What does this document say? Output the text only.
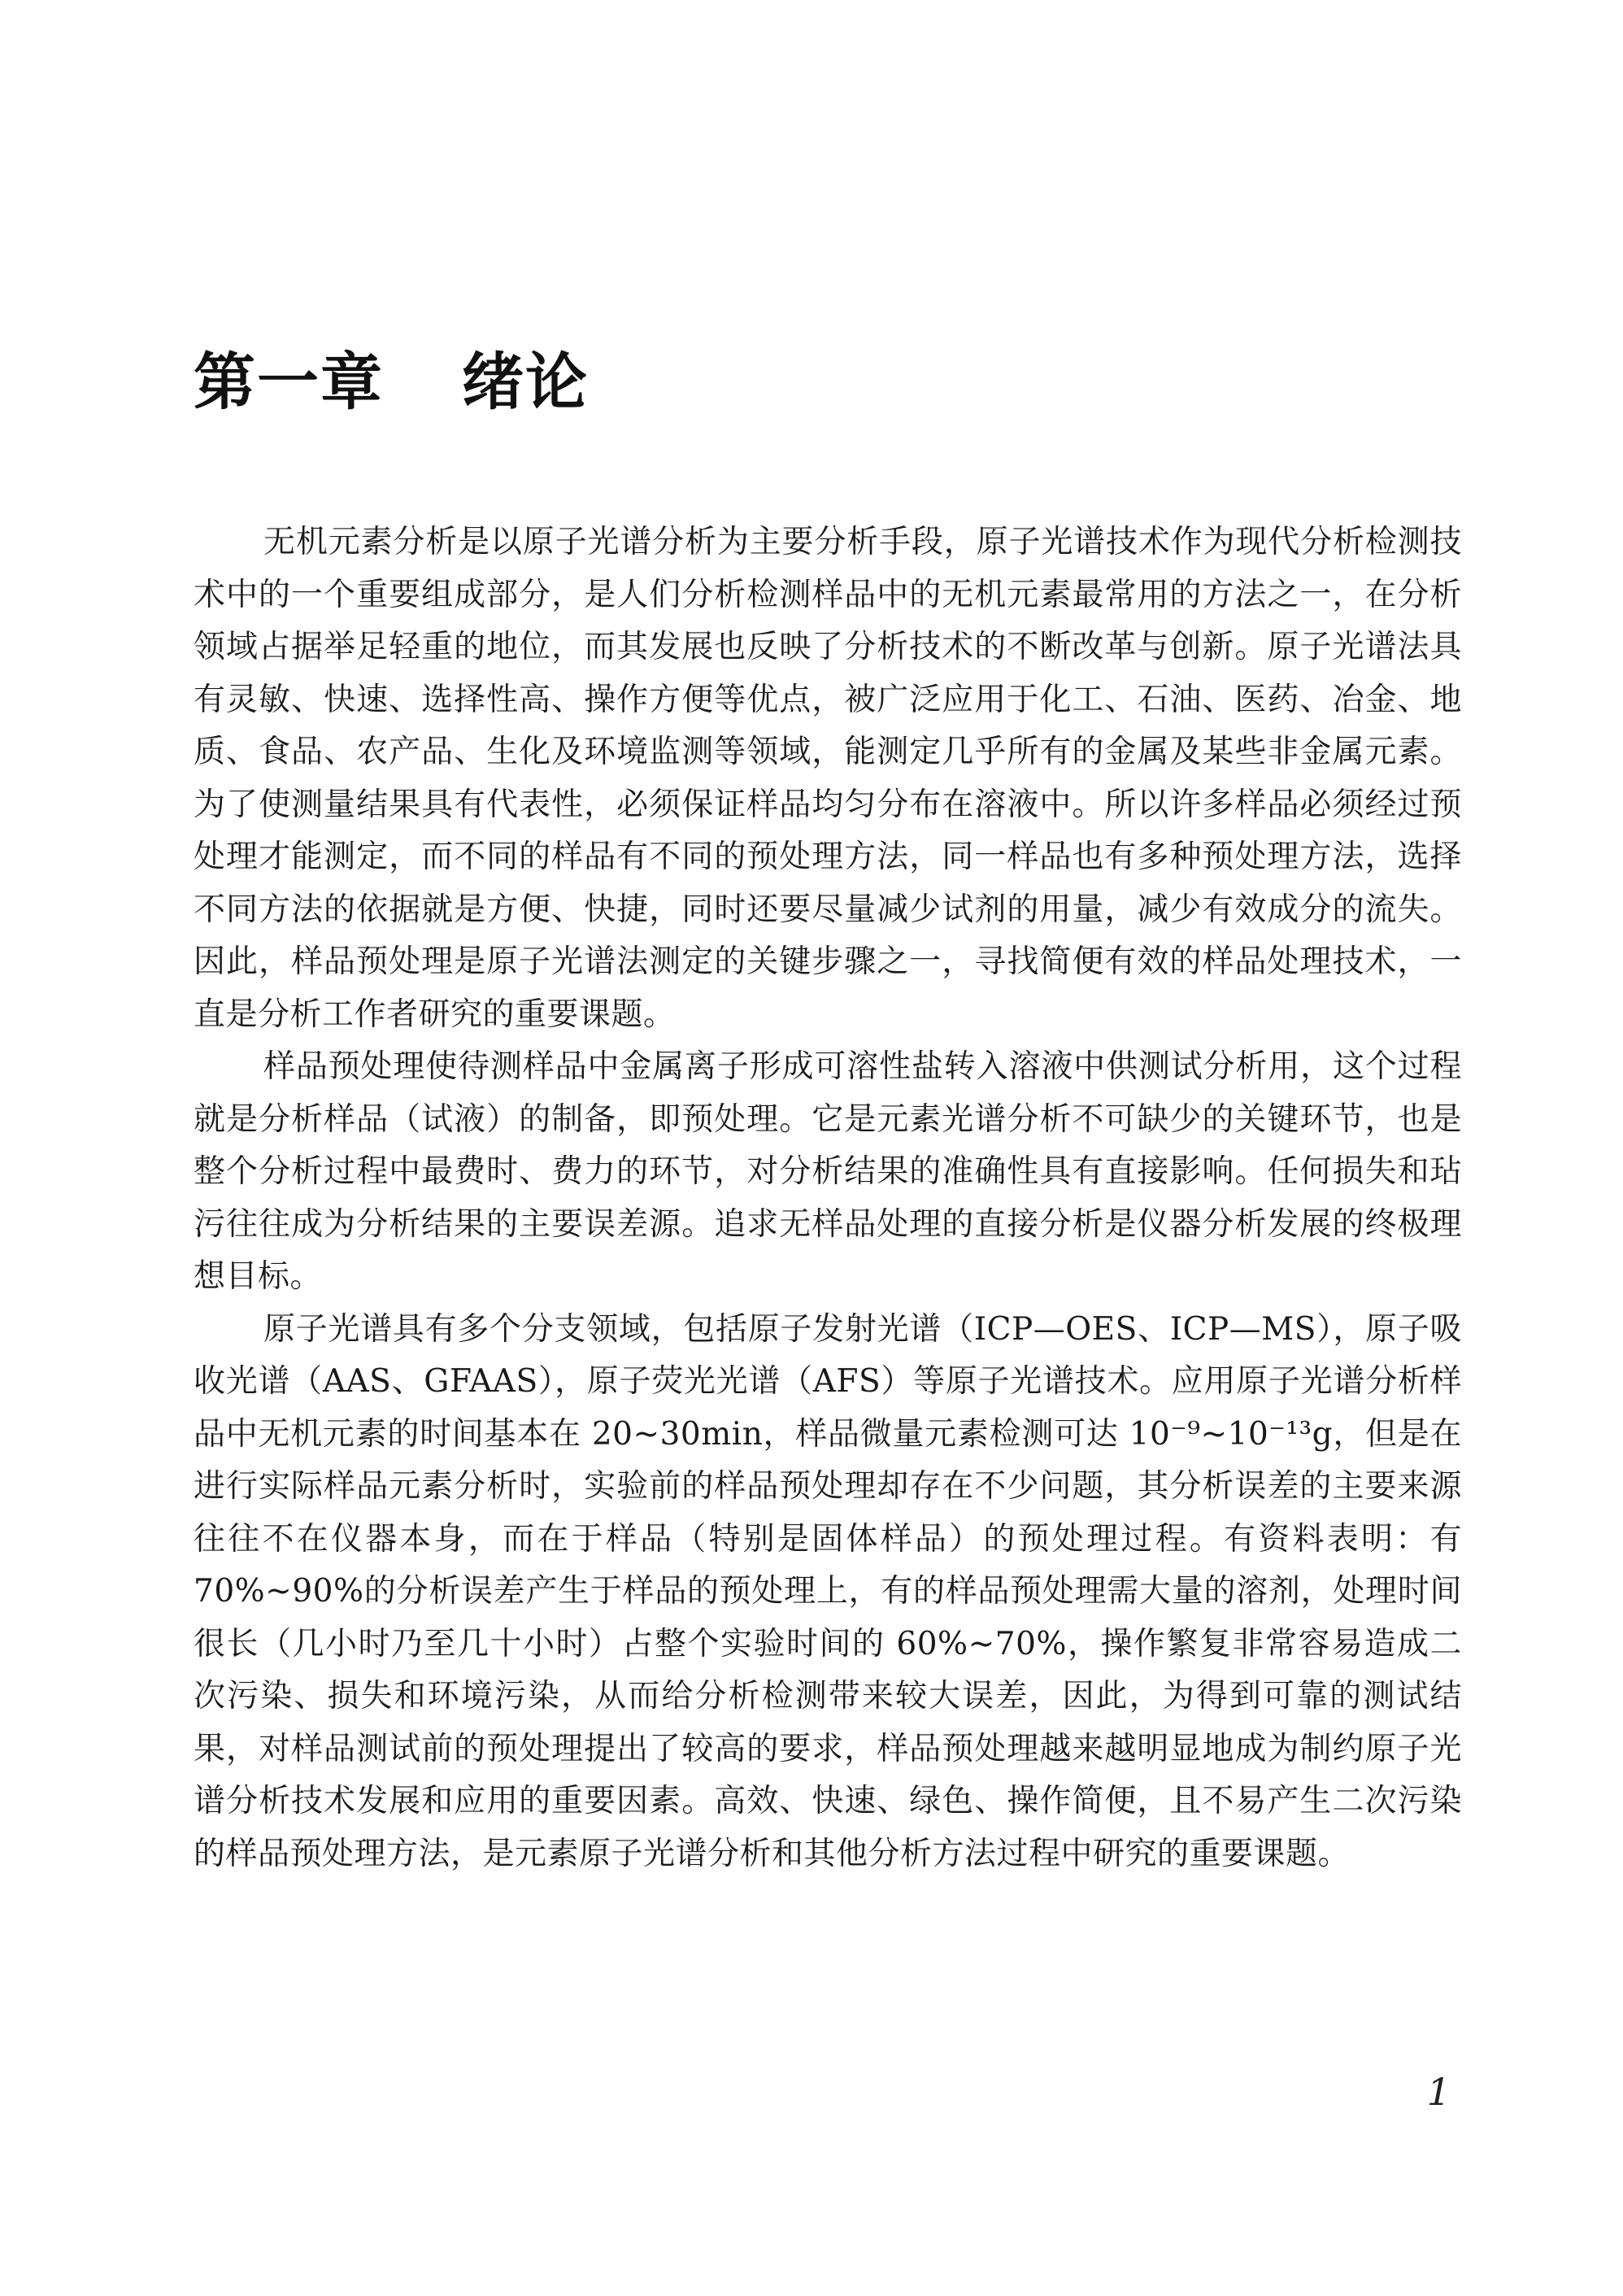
第一章 绪论

无机元素分析是以原子光谱分析为主要分析手段，原子光谱技术作为现代分析检测技术中的一个重要组成部分，是人们分析检测样品中的无机元素最常用的方法之一，在分析领域占据举足轻重的地位，而其发展也反映了分析技术的不断改革与创新。原子光谱法具有灵敏、快速、选择性高、操作方便等优点，被广泛应用于化工、石油、医药、冶金、地质、食品、农产品、生化及环境监测等领域，能测定几乎所有的金属及某些非金属元素。为了使测量结果具有代表性，必须保证样品均匀分布在溶液中。所以许多样品必须经过预处理才能测定，而不同的样品有不同的预处理方法，同一样品也有多种预处理方法，选择不同方法的依据就是方便、快捷，同时还要尽量减少试剂的用量，减少有效成分的流失。因此，样品预处理是原子光谱法测定的关键步骤之一，寻找简便有效的样品处理技术，一直是分析工作者研究的重要课题。

样品预处理使待测样品中金属离子形成可溶性盐转入溶液中供测试分析用，这个过程就是分析样品（试液）的制备，即预处理。它是元素光谱分析不可缺少的关键环节，也是整个分析过程中最费时、费力的环节，对分析结果的准确性具有直接影响。任何损失和玷污往往成为分析结果的主要误差源。追求无样品处理的直接分析是仪器分析发展的终极理想目标。

原子光谱具有多个分支领域，包括原子发射光谱（ICP—OES、ICP—MS），原子吸收光谱（AAS、GFAAS），原子荧光光谱（AFS）等原子光谱技术。应用原子光谱分析样品中无机元素的时间基本在 20~30min，样品微量元素检测可达 10⁻⁹~10⁻¹³g，但是在进行实际样品元素分析时，实验前的样品预处理却存在不少问题，其分析误差的主要来源往往不在仪器本身，而在于样品（特别是固体样品）的预处理过程。有资料表明：有 70%~90%的分析误差产生于样品的预处理上，有的样品预处理需大量的溶剂，处理时间很长（几小时乃至几十小时）占整个实验时间的 60%~70%，操作繁复非常容易造成二次污染、损失和环境污染，从而给分析检测带来较大误差，因此，为得到可靠的测试结果，对样品测试前的预处理提出了较高的要求，样品预处理越来越明显地成为制约原子光谱分析技术发展和应用的重要因素。高效、快速、绿色、操作简便，且不易产生二次污染的样品预处理方法，是元素原子光谱分析和其他分析方法过程中研究的重要课题。

1
